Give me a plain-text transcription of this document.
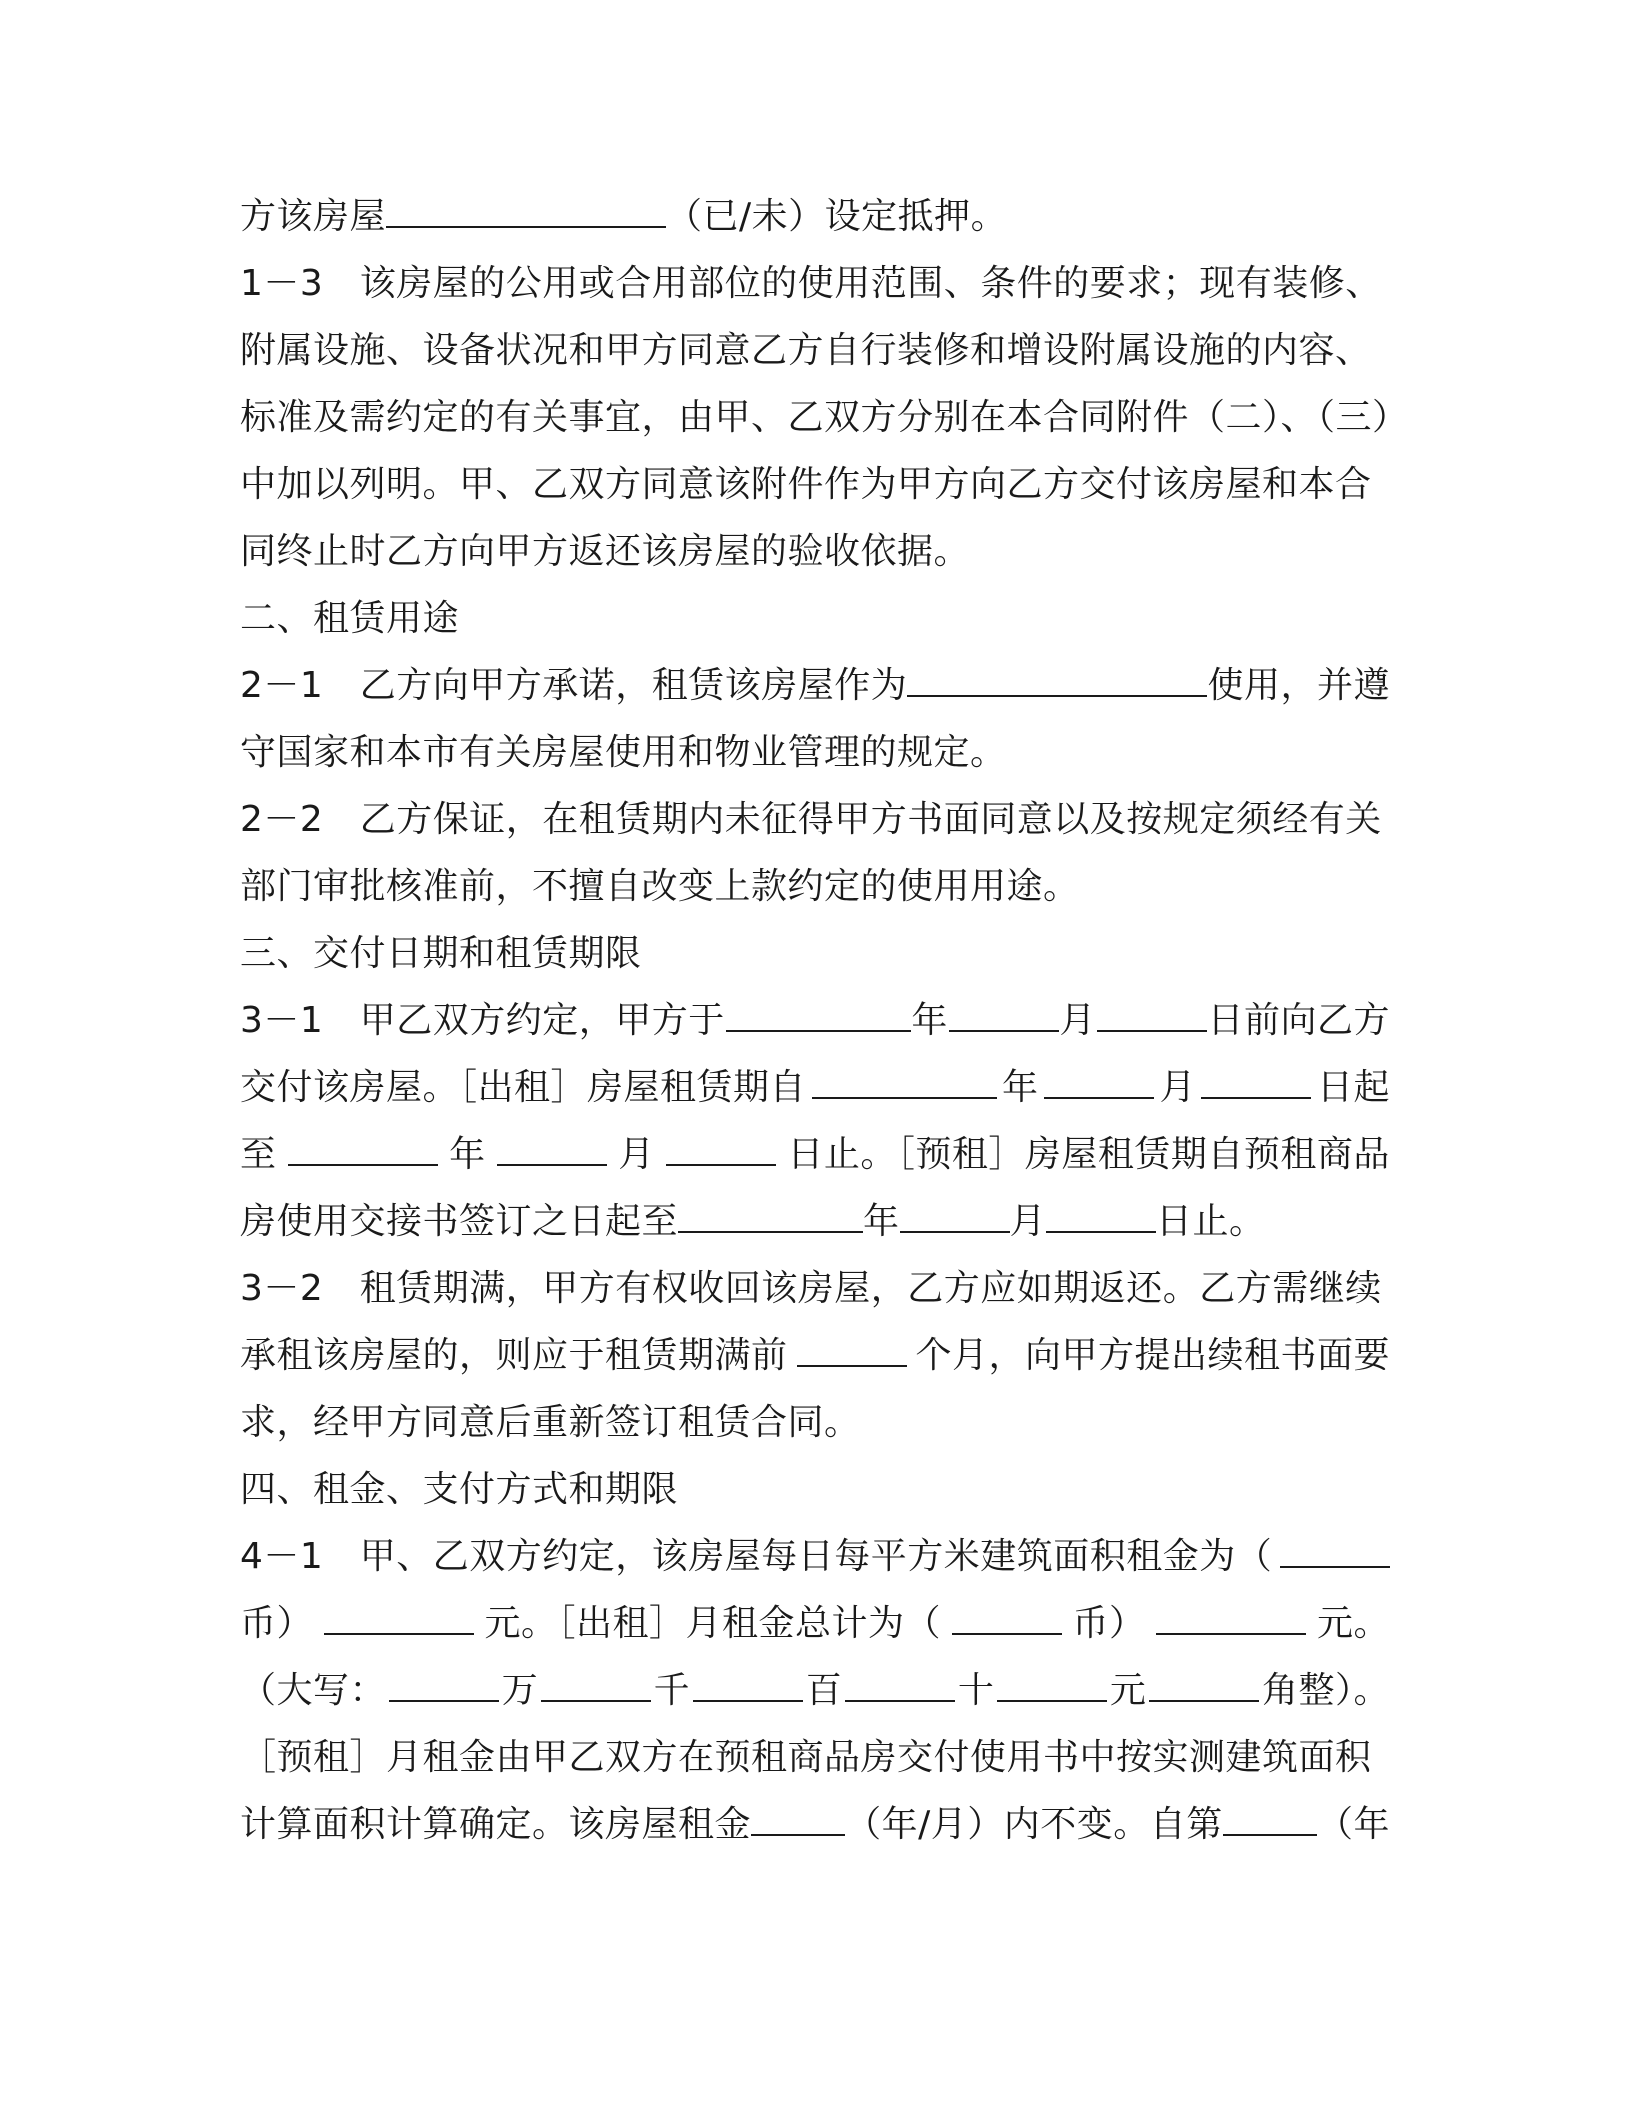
方该房屋	（已/未）设定抵押。
1－3　该房屋的公用或合用部位的使用范围、条件的要求；现有装修、
附属设施、设备状况和甲方同意乙方自行装修和增设附属设施的内容、
标准及需约定的有关事宜，由甲、乙双方分别在本合同附件（二）、（三）
中加以列明。甲、乙双方同意该附件作为甲方向乙方交付该房屋和本合
同终止时乙方向甲方返还该房屋的验收依据。
二、租赁用途
2－1　乙方向甲方承诺，租赁该房屋作为	使用，并遵
守国家和本市有关房屋使用和物业管理的规定。
2－2　乙方保证，在租赁期内未征得甲方书面同意以及按规定须经有关
部门审批核准前，不擅自改变上款约定的使用用途。
三、交付日期和租赁期限
3－1　甲乙双方约定，甲方于	年	月	日前向乙方
交付该房屋。［出租］房屋租赁期自	年	月	日起
至	年	月	日止。［预租］房屋租赁期自预租商品
房使用交接书签订之日起至	年	月	日止。
3－2　租赁期满，甲方有权收回该房屋，乙方应如期返还。乙方需继续
承租该房屋的，则应于租赁期满前	个月，向甲方提出续租书面要
求，经甲方同意后重新签订租赁合同。
四、租金、支付方式和期限
4－1　甲、乙双方约定，该房屋每日每平方米建筑面积租金为（
币）	元。［出租］月租金总计为（	币）	元。
（大写：	万	千	百	十	元	角整）。
［预租］月租金由甲乙双方在预租商品房交付使用书中按实测建筑面积
计算面积计算确定。该房屋租金	（年/月）内不变。自第	（年
